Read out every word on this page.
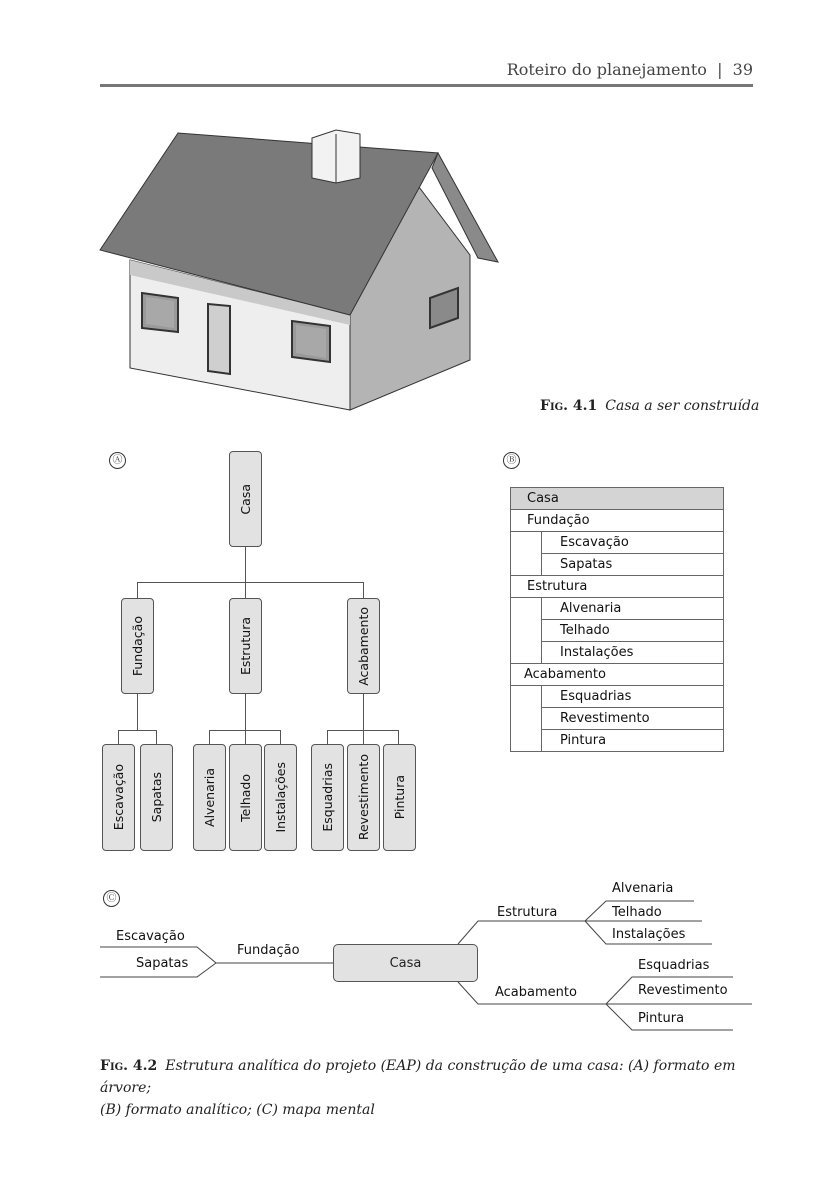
Roteiro do planejamento  |  39
Fig. 4.1 Casa a ser construída
Ⓐ	Ⓑ
Ⓒ
Casa
Fundação	Estrutura	Acabamento
Escavação Sapatas	Alvenaria Telhado Instalações	Esquadrias Revestimento Pintura
Casa	
Fundação	
	Escavação
	Sapatas
Estrutura	
	Alvenaria
	Telhado
	Instalações
Acabamento	
	Esquadrias
	Revestimento
	Pintura
Escavação
Sapatas
Fundação
Casa
Estrutura
Alvenaria
Telhado
Instalações
Acabamento
Esquadrias
Revestimento
Pintura
Fig. 4.2 Estrutura analítica do projeto (EAP) da construção de uma casa: (A) formato em árvore;
(B) formato analítico; (C) mapa mental
